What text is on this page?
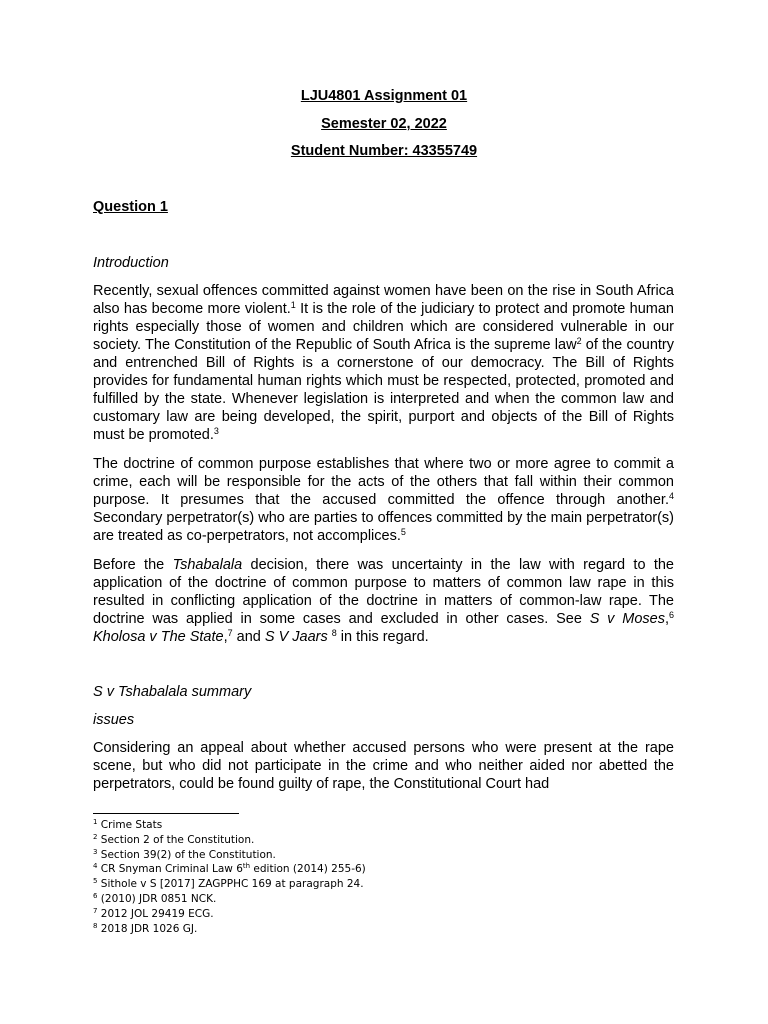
LJU4801 Assignment 01
Semester 02, 2022
Student Number: 43355749
Question 1
Introduction

Recently, sexual offences committed against women have been on the rise in South Africa also has become more violent.$^1$ It is the role of the judiciary to protect and promote human rights especially those of women and children which are considered vulnerable in our society. The Constitution of the Republic of South Africa is the supreme law$^2$ of the country and entrenched Bill of Rights is a cornerstone of our democracy. The Bill of Rights provides for fundamental human rights which must be respected, protected, promoted and fulfilled by the state. Whenever legislation is interpreted and when the common law and customary law are being developed, the spirit, purport and objects of the Bill of Rights must be promoted.$^3$

The doctrine of common purpose establishes that where two or more agree to commit a crime, each will be responsible for the acts of the others that fall within their common purpose. It presumes that the accused committed the offence through another.$^4$ Secondary perpetrator(s) who are parties to offences committed by the main perpetrator(s) are treated as co-perpetrators, not accomplices.$^5$

Before the Tshabalala decision, there was uncertainty in the law with regard to the application of the doctrine of common purpose to matters of common law rape in this resulted in conflicting application of the doctrine in matters of common-law rape. The doctrine was applied in some cases and excluded in other cases. See S v Moses,$^6$ Kholosa v The State,$^7$ and S V Jaars $^8$ in this regard.

S v Tshabalala summary
issues

Considering an appeal about whether accused persons who were present at the rape scene, but who did not participate in the crime and who neither aided nor abetted the perpetrators, could be found guilty of rape, the Constitutional Court had

$^1$ Crime Stats
$^2$ Section 2 of the Constitution.
$^3$ Section 39(2) of the Constitution.
$^4$ CR Snyman Criminal Law 6th edition (2014) 255-6)
$^5$ Sithole v S [2017] ZAGPPHC 169 at paragraph 24.
$^6$ (2010) JDR 0851 NCK.
$^7$ 2012 JOL 29419 ECG.
$^8$ 2018 JDR 1026 GJ.
